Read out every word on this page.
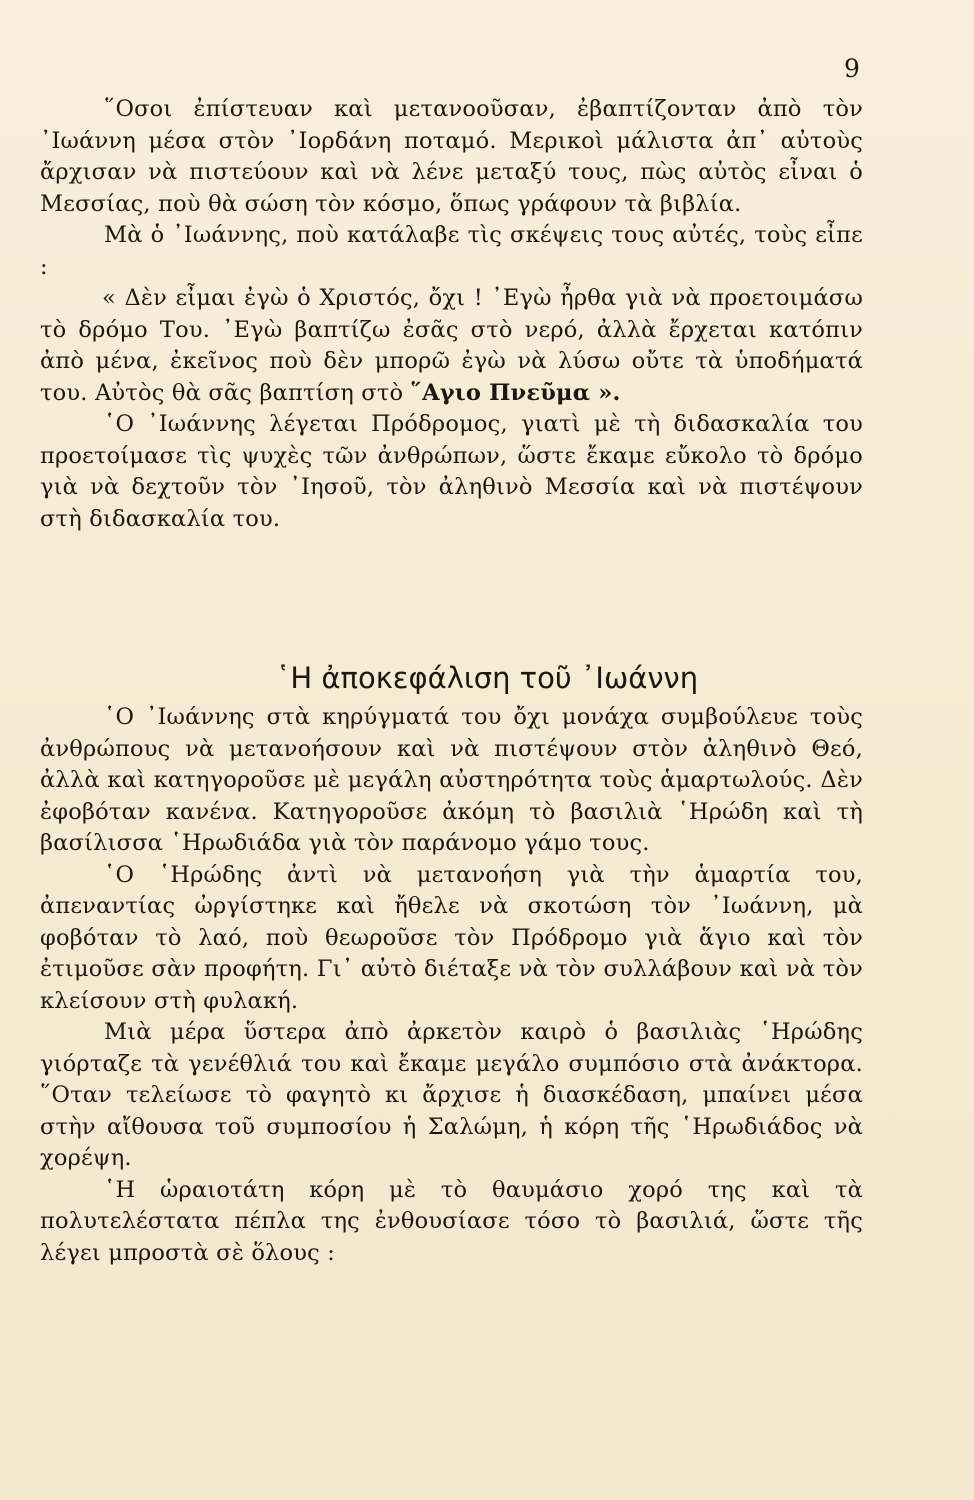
9

῞Οσοι ἐπίστευαν καὶ μετανοοῦσαν, ἐβαπτίζονταν ἀπὸ τὸν ᾿Ιωάννη μέσα στὸν ᾿Ιορδάνη ποταμό. Μερικοὶ μάλιστα ἀπ᾿ αὐτοὺς ἄρχισαν νὰ πιστεύουν καὶ νὰ λένε μεταξύ τους, πὼς αὐτὸς εἶναι ὁ Μεσσίας, ποὺ θὰ σώση τὸν κόσμο, ὅπως γράφουν τὰ βιβλία.

Μὰ ὁ ᾿Ιωάννης, ποὺ κατάλαβε τὶς σκέψεις τους αὐτές, τοὺς εἶπε :

« Δὲν εἶμαι ἐγὼ ὁ Χριστός, ὄχι ! ᾿Εγὼ ἦρθα γιὰ νὰ προετοιμάσω τὸ δρόμο Του. ᾿Εγὼ βαπτίζω ἐσᾶς στὸ νερό, ἀλλὰ ἔρχεται κατόπιν ἀπὸ μένα, ἐκεῖνος ποὺ δὲν μπορῶ ἐγὼ νὰ λύσω οὔτε τὰ ὑποδήματά του. Αὐτὸς θὰ σᾶς βαπτίση στὸ ῞Αγιο Πνεῦμα ».

῾Ο ᾿Ιωάννης λέγεται Πρόδρομος, γιατὶ μὲ τὴ διδασκαλία του προετοίμασε τὶς ψυχὲς τῶν ἀνθρώπων, ὥστε ἔκαμε εὔκολο τὸ δρόμο γιὰ νὰ δεχτοῦν τὸν ᾿Ιησοῦ, τὸν ἀληθινὸ Μεσσία καὶ νὰ πιστέψουν στὴ διδασκαλία του.

῾Η ἀποκεφάλιση τοῦ ᾿Ιωάννη

῾Ο ᾿Ιωάννης στὰ κηρύγματά του ὄχι μονάχα συμβούλευε τοὺς ἀνθρώπους νὰ μετανοήσουν καὶ νὰ πιστέψουν στὸν ἀληθινὸ Θεό, ἀλλὰ καὶ κατηγοροῦσε μὲ μεγάλη αὐστηρότητα τοὺς ἁμαρτωλούς. Δὲν ἐφοβόταν κανένα. Κατηγοροῦσε ἀκόμη τὸ βασιλιὰ ῾Ηρώδη καὶ τὴ βασίλισσα ῾Ηρωδιάδα γιὰ τὸν παράνομο γάμο τους.

῾Ο ῾Ηρώδης ἀντὶ νὰ μετανοήση γιὰ τὴν ἁμαρτία του, ἀπεναντίας ὠργίστηκε καὶ ἤθελε νὰ σκοτώση τὸν ᾿Ιωάννη, μὰ φοβόταν τὸ λαό, ποὺ θεωροῦσε τὸν Πρόδρομο γιὰ ἅγιο καὶ τὸν ἐτιμοῦσε σὰν προφήτη. Γι᾿ αὐτὸ διέταξε νὰ τὸν συλλάβουν καὶ νὰ τὸν κλείσουν στὴ φυλακή.

Μιὰ μέρα ὕστερα ἀπὸ ἀρκετὸν καιρὸ ὁ βασιλιὰς ῾Ηρώδης γιόρταζε τὰ γενέθλιά του καὶ ἔκαμε μεγάλο συμπόσιο στὰ ἀνάκτορα. ῞Οταν τελείωσε τὸ φαγητὸ κι ἄρχισε ἡ διασκέδαση, μπαίνει μέσα στὴν αἴθουσα τοῦ συμποσίου ἡ Σαλώμη, ἡ κόρη τῆς ῾Ηρωδιάδος νὰ χορέψη.

῾Η ὡραιοτάτη κόρη μὲ τὸ θαυμάσιο χορό της καὶ τὰ πολυτελέστατα πέπλα της ἐνθουσίασε τόσο τὸ βασιλιά, ὥστε τῆς λέγει μπροστὰ σὲ ὅλους :
